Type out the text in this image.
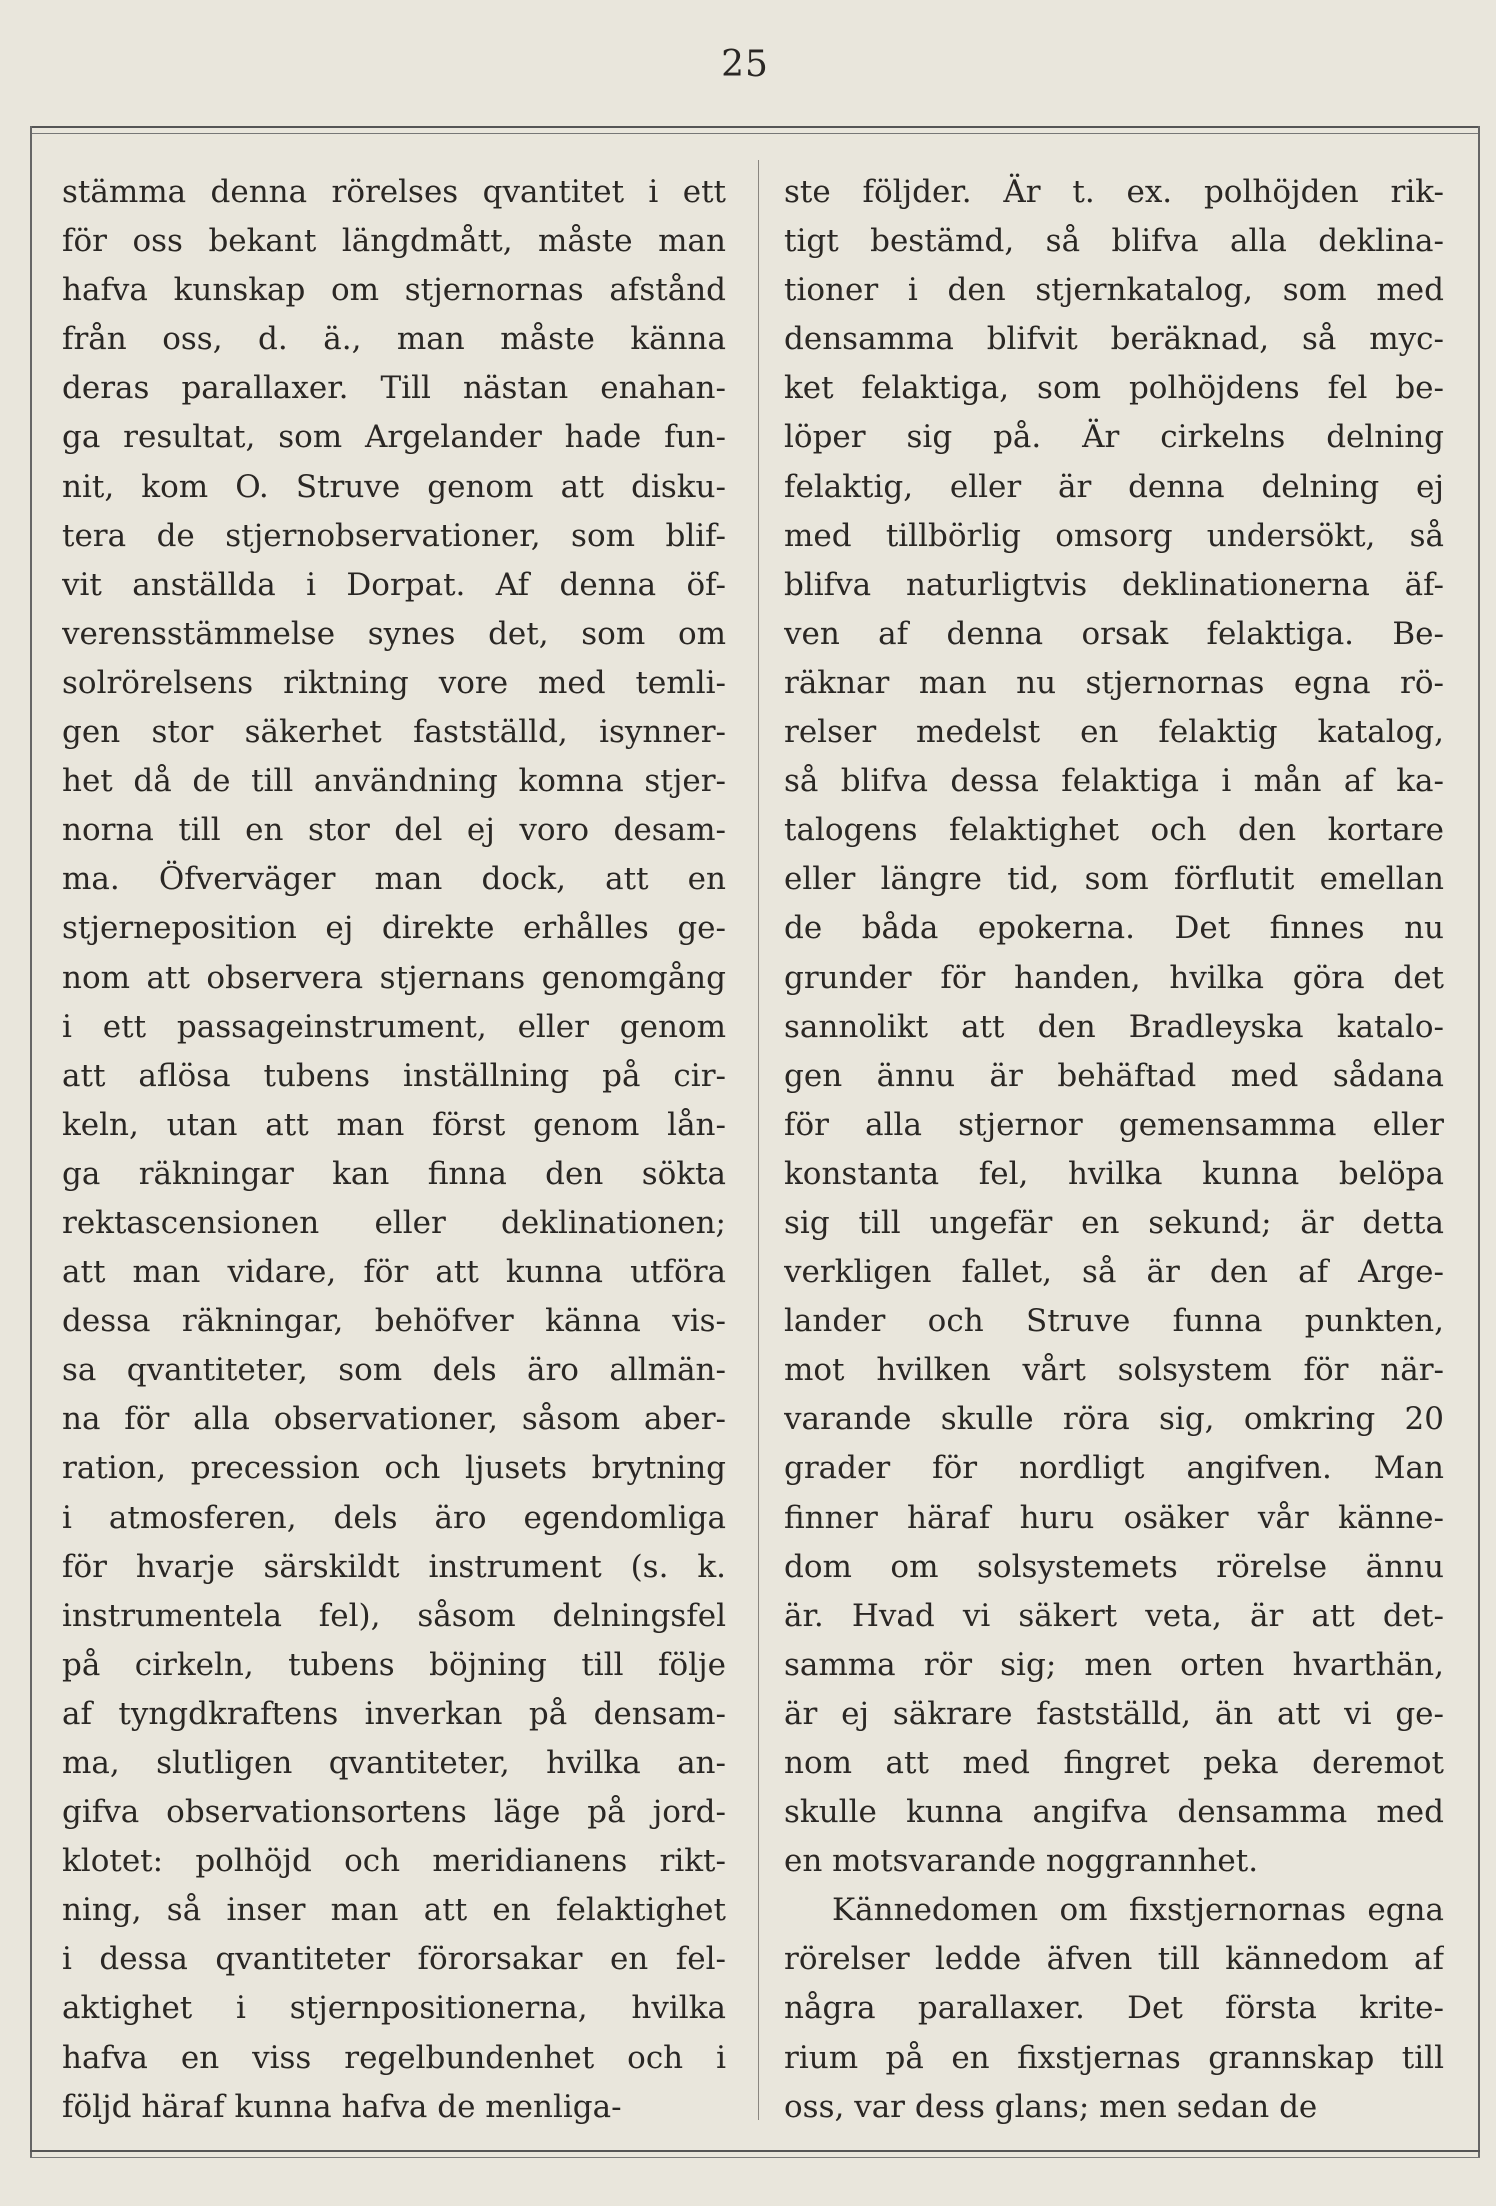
25
stämma denna rörelses qvantitet i ett
för oss bekant längdmått, måste man
hafva kunskap om stjernornas afstånd
från oss, d. ä., man måste känna
deras parallaxer. Till nästan enahan-
ga resultat, som Argelander hade fun-
nit, kom O. Struve genom att disku-
tera de stjernobservationer, som blif-
vit anställda i Dorpat. Af denna öf-
verensstämmelse synes det, som om
solrörelsens riktning vore med temli-
gen stor säkerhet fastställd, isynner-
het då de till användning komna stjer-
norna till en stor del ej voro desam-
ma. Öfverväger man dock, att en
stjerneposition ej direkte erhålles ge-
nom att observera stjernans genomgång
i ett passageinstrument, eller genom
att aflösa tubens inställning på cir-
keln, utan att man först genom lån-
ga räkningar kan finna den sökta
rektascensionen eller deklinationen;
att man vidare, för att kunna utföra
dessa räkningar, behöfver känna vis-
sa qvantiteter, som dels äro allmän-
na för alla observationer, såsom aber-
ration, precession och ljusets brytning
i atmosferen, dels äro egendomliga
för hvarje särskildt instrument (s. k.
instrumentela fel), såsom delningsfel
på cirkeln, tubens böjning till följe
af tyngdkraftens inverkan på densam-
ma, slutligen qvantiteter, hvilka an-
gifva observationsortens läge på jord-
klotet: polhöjd och meridianens rikt-
ning, så inser man att en felaktighet
i dessa qvantiteter förorsakar en fel-
aktighet i stjernpositionerna, hvilka
hafva en viss regelbundenhet och i
följd häraf kunna hafva de menliga-
ste följder. Är t. ex. polhöjden rik-
tigt bestämd, så blifva alla deklina-
tioner i den stjernkatalog, som med
densamma blifvit beräknad, så myc-
ket felaktiga, som polhöjdens fel be-
löper sig på. Är cirkelns delning
felaktig, eller är denna delning ej
med tillbörlig omsorg undersökt, så
blifva naturligtvis deklinationerna äf-
ven af denna orsak felaktiga. Be-
räknar man nu stjernornas egna rö-
relser medelst en felaktig katalog,
så blifva dessa felaktiga i mån af ka-
talogens felaktighet och den kortare
eller längre tid, som förflutit emellan
de båda epokerna. Det finnes nu
grunder för handen, hvilka göra det
sannolikt att den Bradleyska katalo-
gen ännu är behäftad med sådana
för alla stjernor gemensamma eller
konstanta fel, hvilka kunna belöpa
sig till ungefär en sekund; är detta
verkligen fallet, så är den af Arge-
lander och Struve funna punkten,
mot hvilken vårt solsystem för när-
varande skulle röra sig, omkring 20
grader för nordligt angifven. Man
finner häraf huru osäker vår känne-
dom om solsystemets rörelse ännu
är. Hvad vi säkert veta, är att det-
samma rör sig; men orten hvarthän,
är ej säkrare fastställd, än att vi ge-
nom att med fingret peka deremot
skulle kunna angifva densamma med
en motsvarande noggrannhet.
Kännedomen om fixstjernornas egna
rörelser ledde äfven till kännedom af
några parallaxer. Det första krite-
rium på en fixstjernas grannskap till
oss, var dess glans; men sedan de
